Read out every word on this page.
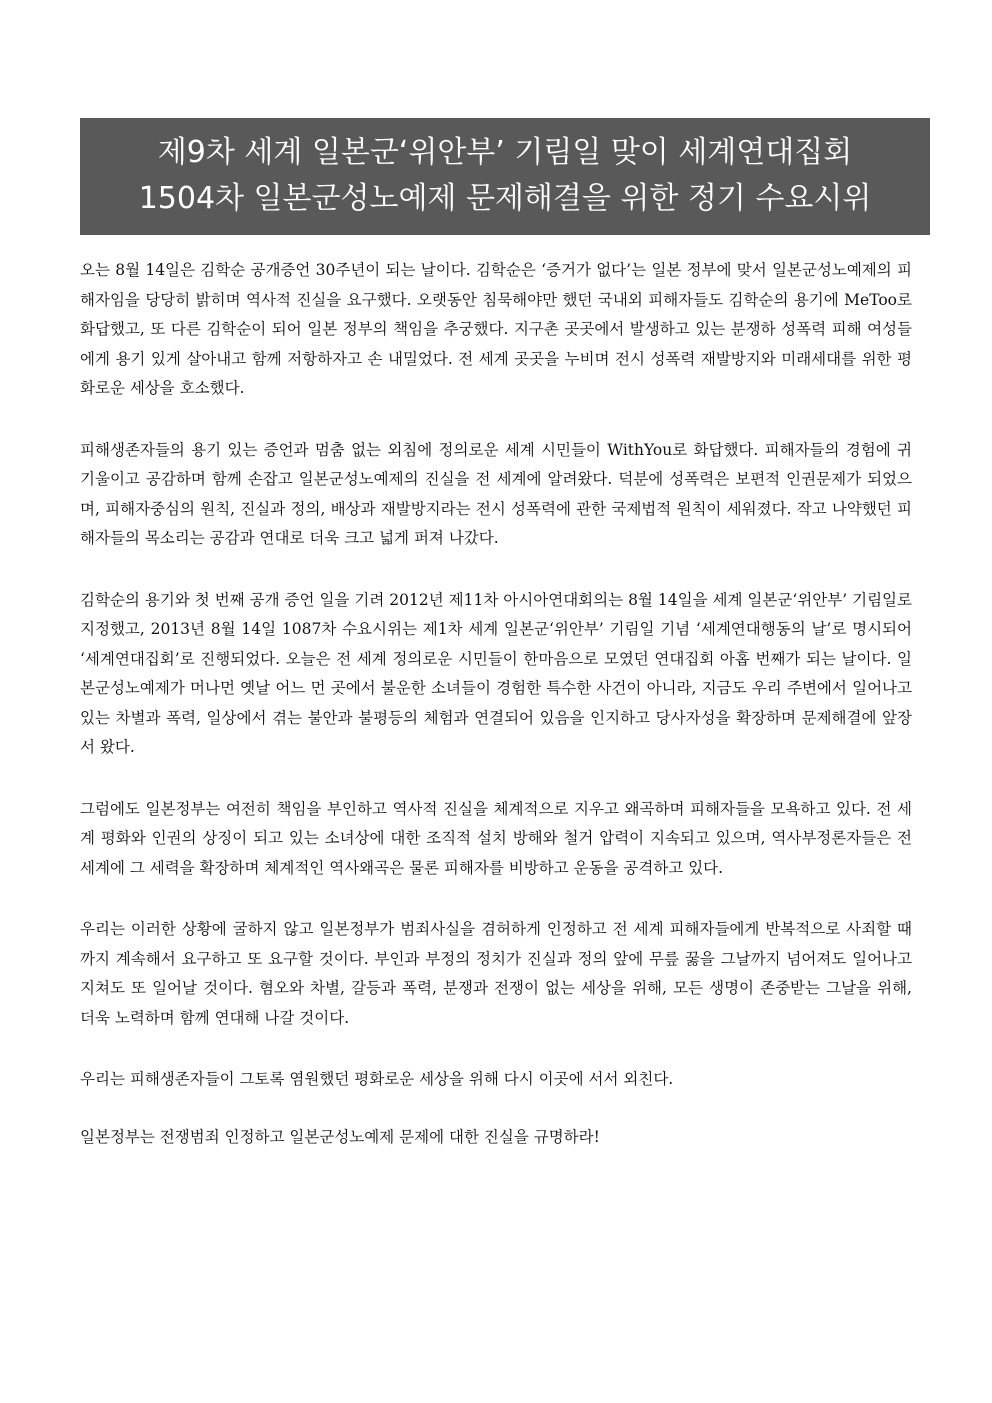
제9차 세계 일본군‘위안부’ 기림일 맞이 세계연대집회
1504차 일본군성노예제 문제해결을 위한 정기 수요시위

오는 8월 14일은 김학순 공개증언 30주년이 되는 날이다. 김학순은 ‘증거가 없다’는 일본 정부에 맞서 일본군성노예제의 피해자임을 당당히 밝히며 역사적 진실을 요구했다. 오랫동안 침묵해야만 했던 국내외 피해자들도 김학순의 용기에 MeToo로 화답했고, 또 다른 김학순이 되어 일본 정부의 책임을 추궁했다. 지구촌 곳곳에서 발생하고 있는 분쟁하 성폭력 피해 여성들에게 용기 있게 살아내고 함께 저항하자고 손 내밀었다. 전 세계 곳곳을 누비며 전시 성폭력 재발방지와 미래세대를 위한 평화로운 세상을 호소했다.

피해생존자들의 용기 있는 증언과 멈춤 없는 외침에 정의로운 세계 시민들이 WithYou로 화답했다. 피해자들의 경험에 귀 기울이고 공감하며 함께 손잡고 일본군성노예제의 진실을 전 세계에 알려왔다. 덕분에 성폭력은 보편적 인권문제가 되었으며, 피해자중심의 원칙, 진실과 정의, 배상과 재발방지라는 전시 성폭력에 관한 국제법적 원칙이 세워졌다. 작고 나약했던 피해자들의 목소리는 공감과 연대로 더욱 크고 넓게 퍼져 나갔다.

김학순의 용기와 첫 번째 공개 증언 일을 기려 2012년 제11차 아시아연대회의는 8월 14일을 세계 일본군‘위안부’ 기림일로 지정했고, 2013년 8월 14일 1087차 수요시위는 제1차 세계 일본군‘위안부’ 기림일 기념 ‘세계연대행동의 날’로 명시되어 ‘세계연대집회’로 진행되었다. 오늘은 전 세계 정의로운 시민들이 한마음으로 모였던 연대집회 아홉 번째가 되는 날이다. 일본군성노예제가 머나먼 옛날 어느 먼 곳에서 불운한 소녀들이 경험한 특수한 사건이 아니라, 지금도 우리 주변에서 일어나고 있는 차별과 폭력, 일상에서 겪는 불안과 불평등의 체험과 연결되어 있음을 인지하고 당사자성을 확장하며 문제해결에 앞장서 왔다.

그럼에도 일본정부는 여전히 책임을 부인하고 역사적 진실을 체계적으로 지우고 왜곡하며 피해자들을 모욕하고 있다. 전 세계 평화와 인권의 상징이 되고 있는 소녀상에 대한 조직적 설치 방해와 철거 압력이 지속되고 있으며, 역사부정론자들은 전 세계에 그 세력을 확장하며 체계적인 역사왜곡은 물론 피해자를 비방하고 운동을 공격하고 있다.

우리는 이러한 상황에 굴하지 않고 일본정부가 범죄사실을 겸허하게 인정하고 전 세계 피해자들에게 반복적으로 사죄할 때까지 계속해서 요구하고 또 요구할 것이다. 부인과 부정의 정치가 진실과 정의 앞에 무릎 꿇을 그날까지 넘어져도 일어나고 지쳐도 또 일어날 것이다. 혐오와 차별, 갈등과 폭력, 분쟁과 전쟁이 없는 세상을 위해, 모든 생명이 존중받는 그날을 위해, 더욱 노력하며 함께 연대해 나갈 것이다.

우리는 피해생존자들이 그토록 염원했던 평화로운 세상을 위해 다시 이곳에 서서 외친다.

일본정부는 전쟁범죄 인정하고 일본군성노예제 문제에 대한 진실을 규명하라!
